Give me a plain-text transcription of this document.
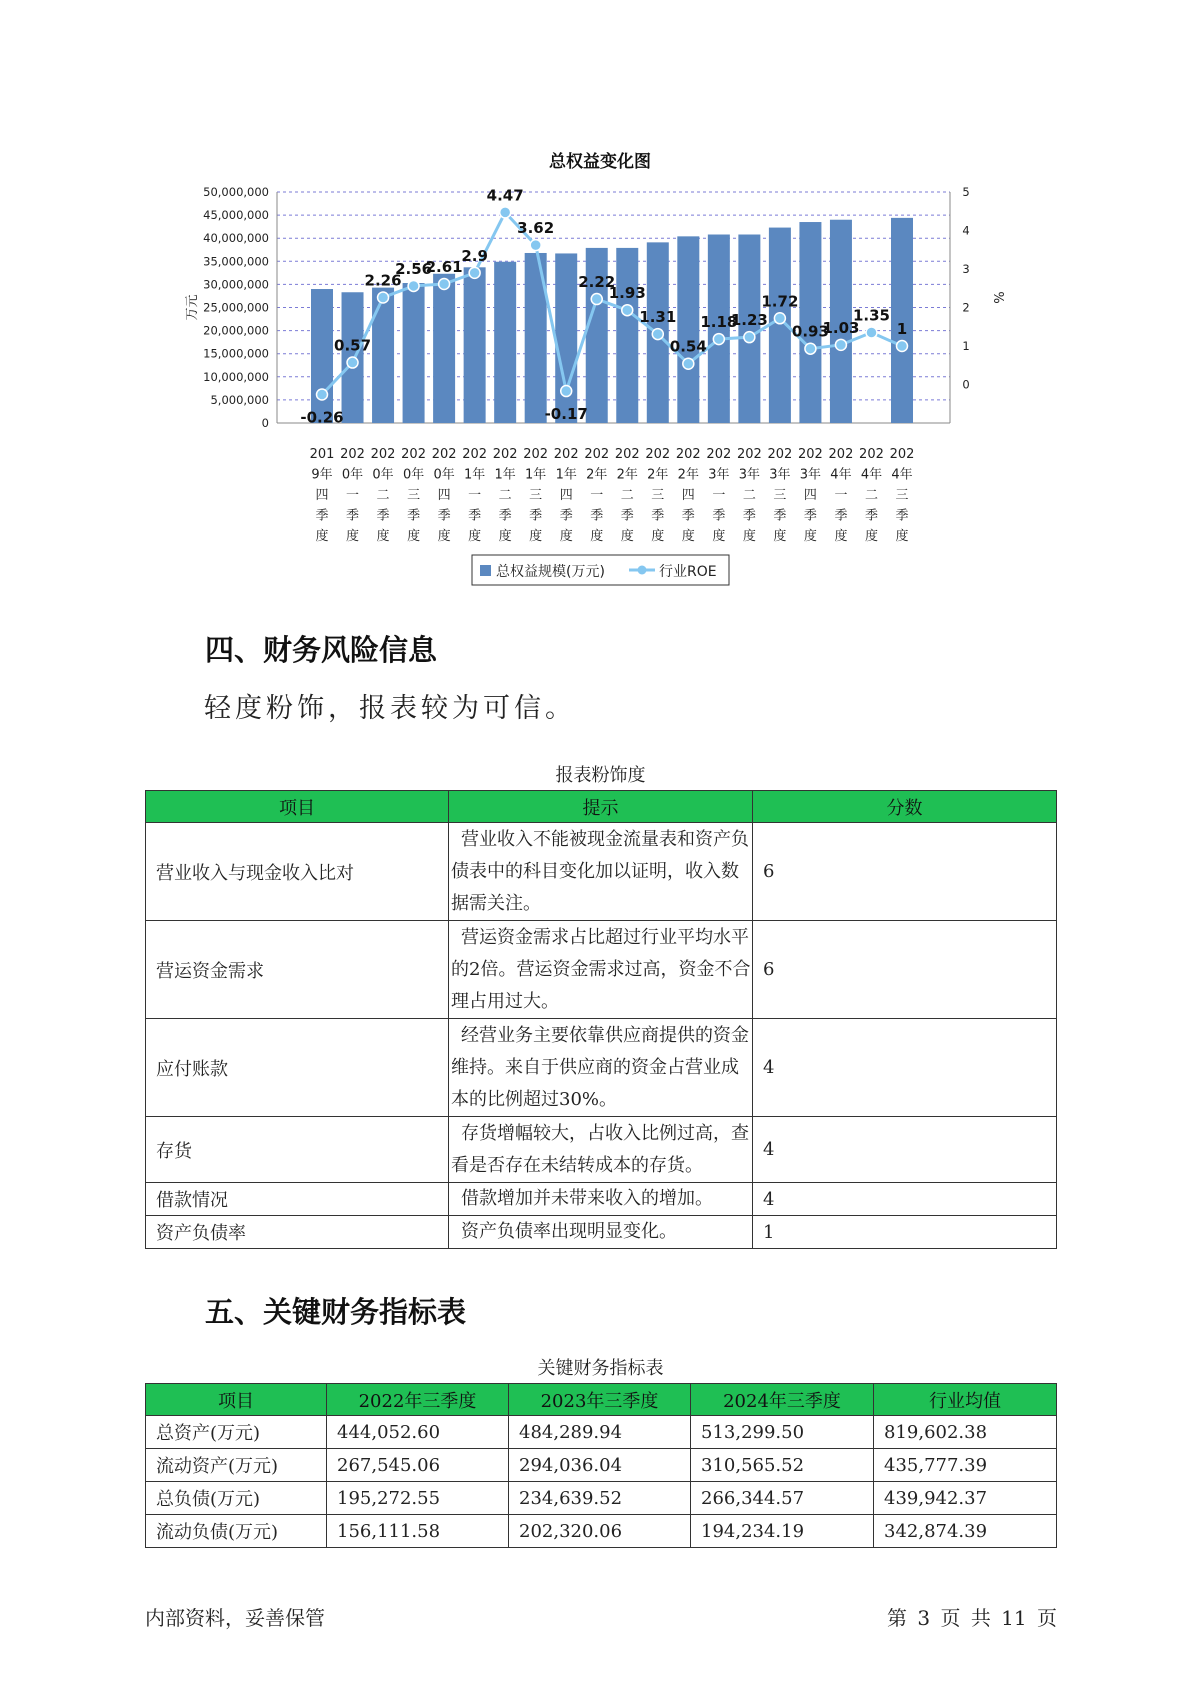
总权益变化图
0
5,000,000
10,000,000
15,000,000
20,000,000
25,000,000
30,000,000
35,000,000
40,000,000
45,000,000
50,000,000
0
1
2
3
4
5
万元	%
-0.26
0.57
2.26
2.56
2.61
2.9
4.47
3.62
-0.17
2.22
1.93
1.31
0.54
1.18
1.23
1.72
0.93
1.03
1.35
1
201
9年
四
季
度
202
0年
一
季
度
202
0年
二
季
度
202
0年
三
季
度
202
0年
四
季
度
202
1年
一
季
度
202
1年
二
季
度
202
1年
三
季
度
202
1年
四
季
度
202
2年
一
季
度
202
2年
二
季
度
202
2年
三
季
度
202
2年
四
季
度
202
3年
一
季
度
202
3年
二
季
度
202
3年
三
季
度
202
3年
四
季
度
202
4年
一
季
度
202
4年
二
季
度
202
4年
三
季
度
总权益规模(万元)	行业ROE
四、财务风险信息

轻度粉饰，报表较为可信。

报表粉饰度

项目	提示	分数
营业收入与现金收入比对	营业收入不能被现金流量表和资产负债表中的科目变化加以证明，收入数据需关注。	6
营运资金需求	营运资金需求占比超过行业平均水平的2倍。营运资金需求过高，资金不合理占用过大。	6
应付账款	经营业务主要依靠供应商提供的资金维持。来自于供应商的资金占营业成本的比例超过30%。	4
存货	存货增幅较大，占收入比例过高，查看是否存在未结转成本的存货。	4
借款情况	借款增加并未带来收入的增加。	4
资产负债率	资产负债率出现明显变化。	1
五、关键财务指标表

关键财务指标表

项目	2022年三季度	2023年三季度	2024年三季度	行业均值
总资产(万元)	444,052.60	484,289.94	513,299.50	819,602.38
流动资产(万元)	267,545.06	294,036.04	310,565.52	435,777.39
总负债(万元)	195,272.55	234,639.52	266,344.57	439,942.37
流动负债(万元)	156,111.58	202,320.06	194,234.19	342,874.39

内部资料，妥善保管	第 3 页 共 11 页
